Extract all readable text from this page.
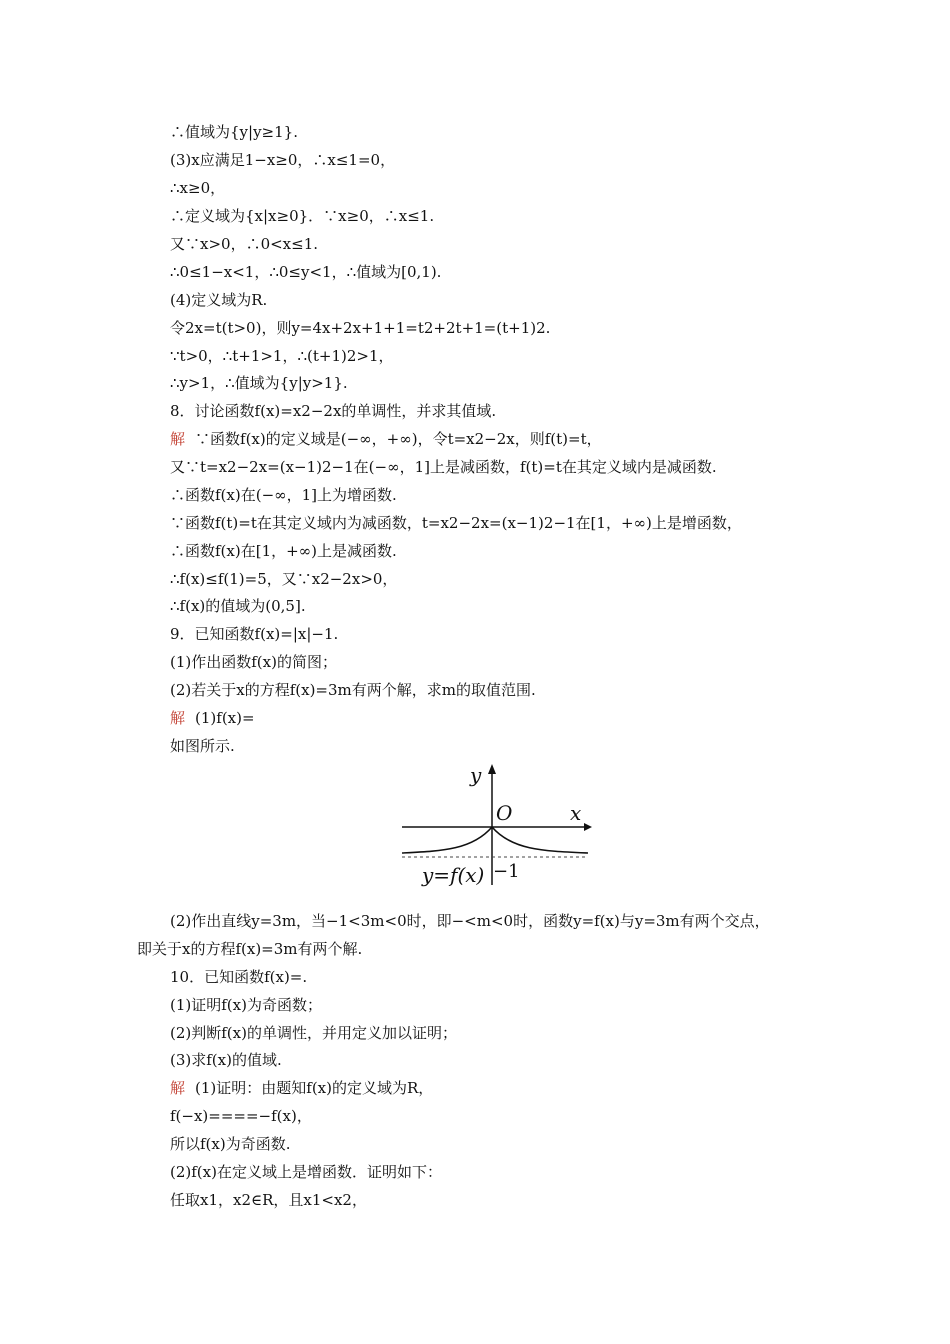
∴值域为{y|y≥1}.
(3)x应满足1−x≥0，∴x≤1=0，
∴x≥0，
∴定义域为{x|x≥0}．∵x≥0，∴x≤1.
又∵x>0，∴0<x≤1.
∴0≤1−x<1，∴0≤y<1，∴值域为[0,1).
(4)定义域为R.
令2x=t(t>0)，则y=4x+2x+1+1=t2+2t+1=(t+1)2.
∵t>0，∴t+1>1，∴(t+1)2>1，
∴y>1，∴值域为{y|y>1}.
8．讨论函数f(x)=x2−2x的单调性，并求其值域.
解 ∵函数f(x)的定义域是(−∞，+∞)，令t=x2−2x，则f(t)=t，
又∵t=x2−2x=(x−1)2−1在(−∞，1]上是减函数，f(t)=t在其定义域内是减函数.
∴函数f(x)在(−∞，1]上为增函数.
∵函数f(t)=t在其定义域内为减函数，t=x2−2x=(x−1)2−1在[1，+∞)上是增函数，
∴函数f(x)在[1，+∞)上是减函数.
∴f(x)≤f(1)=5，又∵x2−2x>0，
∴f(x)的值域为(0,5].
9．已知函数f(x)=|x|−1.
(1)作出函数f(x)的简图；
(2)若关于x的方程f(x)=3m有两个解，求m的取值范围.
解 (1)f(x)=
如图所示.
y
x
O
−1
y=f(x)
(2)作出直线y=3m，当−1<3m<0时，即−<m<0时，函数y=f(x)与y=3m有两个交点，
即关于x的方程f(x)=3m有两个解.
10．已知函数f(x)=.
(1)证明f(x)为奇函数；
(2)判断f(x)的单调性，并用定义加以证明；
(3)求f(x)的值域.
解 (1)证明：由题知f(x)的定义域为R，
f(−x)====−f(x)，
所以f(x)为奇函数.
(2)f(x)在定义域上是增函数．证明如下：
任取x1，x2∈R，且x1<x2，
